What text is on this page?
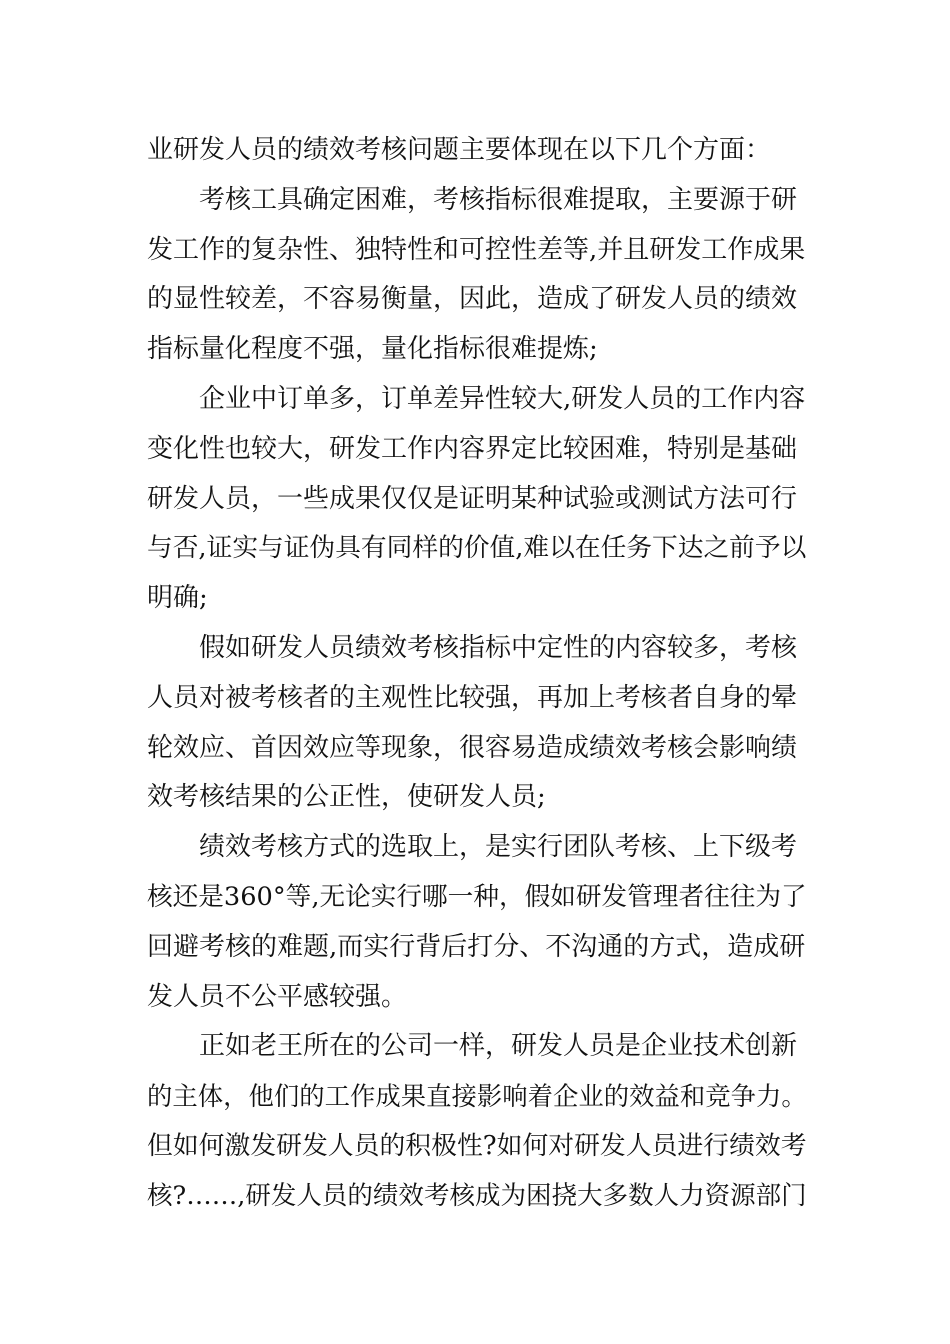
业研发人员的绩效考核问题主要体现在以下几个方面：
考核工具确定困难，考核指标很难提取，主要源于研
发工作的复杂性、独特性和可控性差等,并且研发工作成果
的显性较差，不容易衡量，因此，造成了研发人员的绩效
指标量化程度不强，量化指标很难提炼;
企业中订单多，订单差异性较大,研发人员的工作内容
变化性也较大，研发工作内容界定比较困难，特别是基础
研发人员，一些成果仅仅是证明某种试验或测试方法可行
与否,证实与证伪具有同样的价值,难以在任务下达之前予以
明确;
假如研发人员绩效考核指标中定性的内容较多，考核
人员对被考核者的主观性比较强，再加上考核者自身的晕
轮效应、首因效应等现象，很容易造成绩效考核会影响绩
效考核结果的公正性，使研发人员;
绩效考核方式的选取上，是实行团队考核、上下级考
核还是360°等,无论实行哪一种，假如研发管理者往往为了
回避考核的难题,而实行背后打分、不沟通的方式，造成研
发人员不公平感较强。
正如老王所在的公司一样，研发人员是企业技术创新
的主体，他们的工作成果直接影响着企业的效益和竞争力。
但如何激发研发人员的积极性?如何对研发人员进行绩效考
核?……,研发人员的绩效考核成为困挠大多数人力资源部门
